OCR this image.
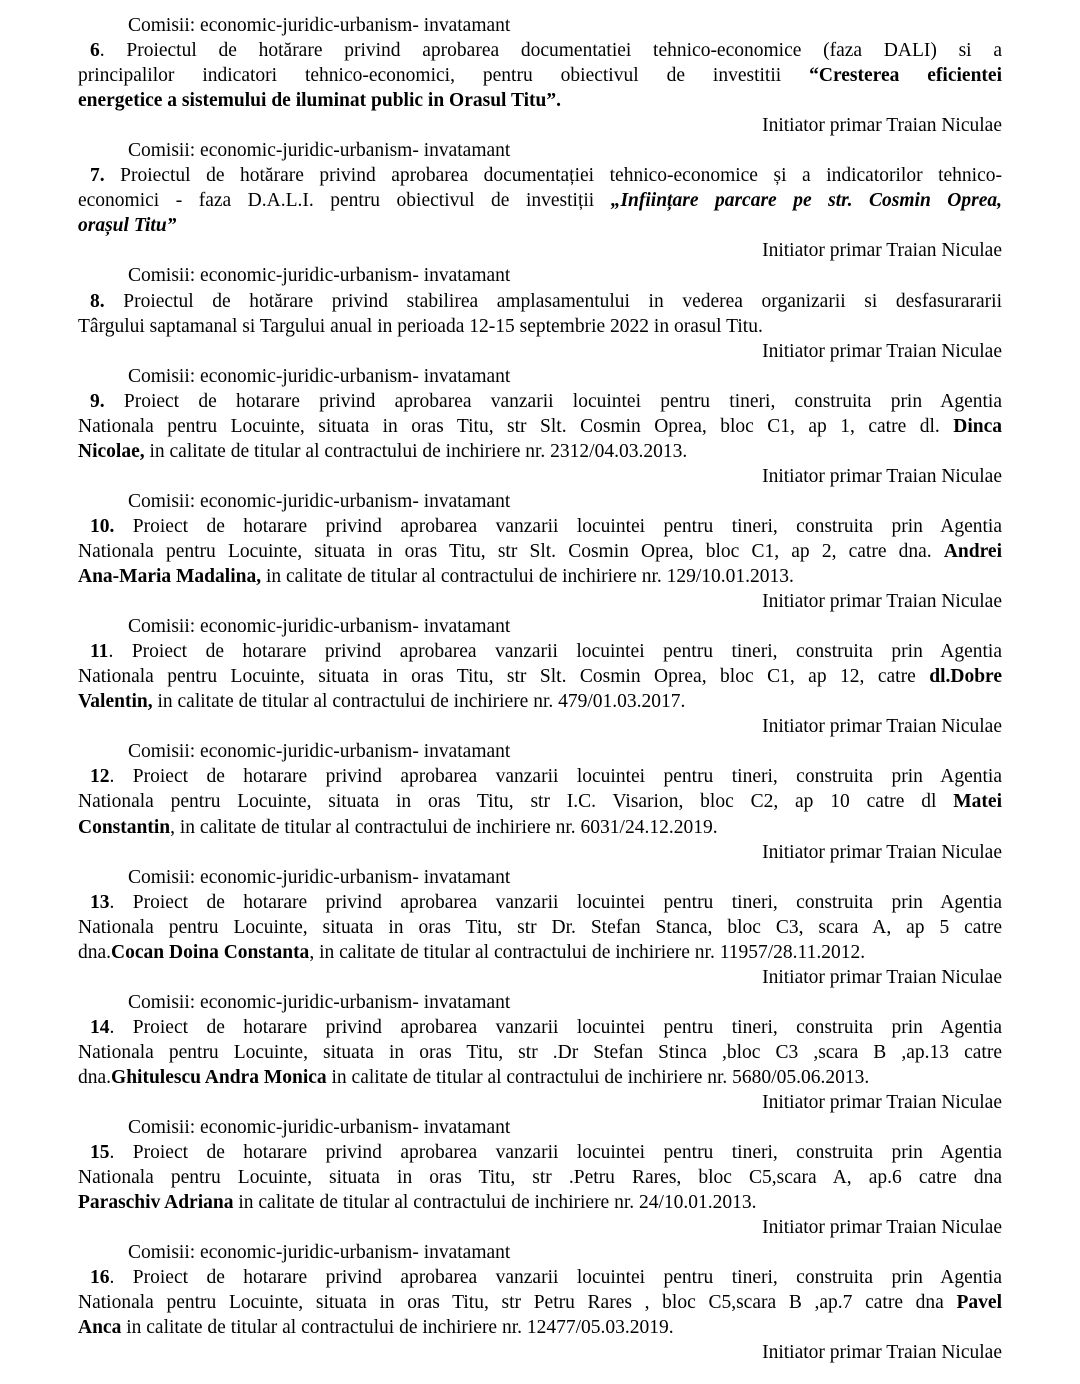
Comisii: economic-juridic-urbanism- invatamant
6. Proiectul de hotărare privind aprobarea documentatiei tehnico-economice (faza DALI) si a
principalilor indicatori tehnico-economici, pentru obiectivul de investitii “Cresterea eficientei
energetice a sistemului de iluminat public in Orasul Titu”.
Initiator primar Traian Niculae
Comisii: economic-juridic-urbanism- invatamant
7. Proiectul de hotărare privind aprobarea documentației tehnico-economice și a indicatorilor tehnico-
economici - faza D.A.L.I. pentru obiectivul de investiții „Inființare parcare pe str. Cosmin Oprea,
orașul Titu”
Initiator primar Traian Niculae
Comisii: economic-juridic-urbanism- invatamant
8. Proiectul de hotărare privind stabilirea amplasamentului in vederea organizarii si desfasurararii
Târgului saptamanal si Targului anual in perioada 12-15 septembrie 2022 in orasul Titu.
Initiator primar Traian Niculae
Comisii: economic-juridic-urbanism- invatamant
9. Proiect de hotarare privind aprobarea vanzarii locuintei pentru tineri, construita prin Agentia
Nationala pentru Locuinte, situata in oras Titu, str Slt. Cosmin Oprea, bloc C1, ap 1, catre dl. Dinca
Nicolae, in calitate de titular al contractului de inchiriere nr. 2312/04.03.2013.
Initiator primar Traian Niculae
Comisii: economic-juridic-urbanism- invatamant
10. Proiect de hotarare privind aprobarea vanzarii locuintei pentru tineri, construita prin Agentia
Nationala pentru Locuinte, situata in oras Titu, str Slt. Cosmin Oprea, bloc C1, ap 2, catre dna. Andrei
Ana-Maria Madalina, in calitate de titular al contractului de inchiriere nr. 129/10.01.2013.
Initiator primar Traian Niculae
Comisii: economic-juridic-urbanism- invatamant
11. Proiect de hotarare privind aprobarea vanzarii locuintei pentru tineri, construita prin Agentia
Nationala pentru Locuinte, situata in oras Titu, str Slt. Cosmin Oprea, bloc C1, ap 12, catre dl.Dobre
Valentin, in calitate de titular al contractului de inchiriere nr. 479/01.03.2017.
Initiator primar Traian Niculae
Comisii: economic-juridic-urbanism- invatamant
12. Proiect de hotarare privind aprobarea vanzarii locuintei pentru tineri, construita prin Agentia
Nationala pentru Locuinte, situata in oras Titu, str I.C. Visarion, bloc C2, ap 10 catre dl Matei
Constantin, in calitate de titular al contractului de inchiriere nr. 6031/24.12.2019.
Initiator primar Traian Niculae
Comisii: economic-juridic-urbanism- invatamant
13. Proiect de hotarare privind aprobarea vanzarii locuintei pentru tineri, construita prin Agentia
Nationala pentru Locuinte, situata in oras Titu, str Dr. Stefan Stanca, bloc C3, scara A, ap 5 catre
dna.Cocan Doina Constanta, in calitate de titular al contractului de inchiriere nr. 11957/28.11.2012.
Initiator primar Traian Niculae
Comisii: economic-juridic-urbanism- invatamant
14. Proiect de hotarare privind aprobarea vanzarii locuintei pentru tineri, construita prin Agentia
Nationala pentru Locuinte, situata in oras Titu, str .Dr Stefan Stinca ,bloc C3 ,scara B ,ap.13 catre
dna.Ghitulescu Andra Monica in calitate de titular al contractului de inchiriere nr. 5680/05.06.2013.
Initiator primar Traian Niculae
Comisii: economic-juridic-urbanism- invatamant
15. Proiect de hotarare privind aprobarea vanzarii locuintei pentru tineri, construita prin Agentia
Nationala pentru Locuinte, situata in oras Titu, str .Petru Rares, bloc C5,scara A, ap.6 catre dna
Paraschiv Adriana in calitate de titular al contractului de inchiriere nr. 24/10.01.2013.
Initiator primar Traian Niculae
Comisii: economic-juridic-urbanism- invatamant
16. Proiect de hotarare privind aprobarea vanzarii locuintei pentru tineri, construita prin Agentia
Nationala pentru Locuinte, situata in oras Titu, str Petru Rares , bloc C5,scara B ,ap.7 catre dna Pavel
Anca in calitate de titular al contractului de inchiriere nr. 12477/05.03.2019.
Initiator primar Traian Niculae
